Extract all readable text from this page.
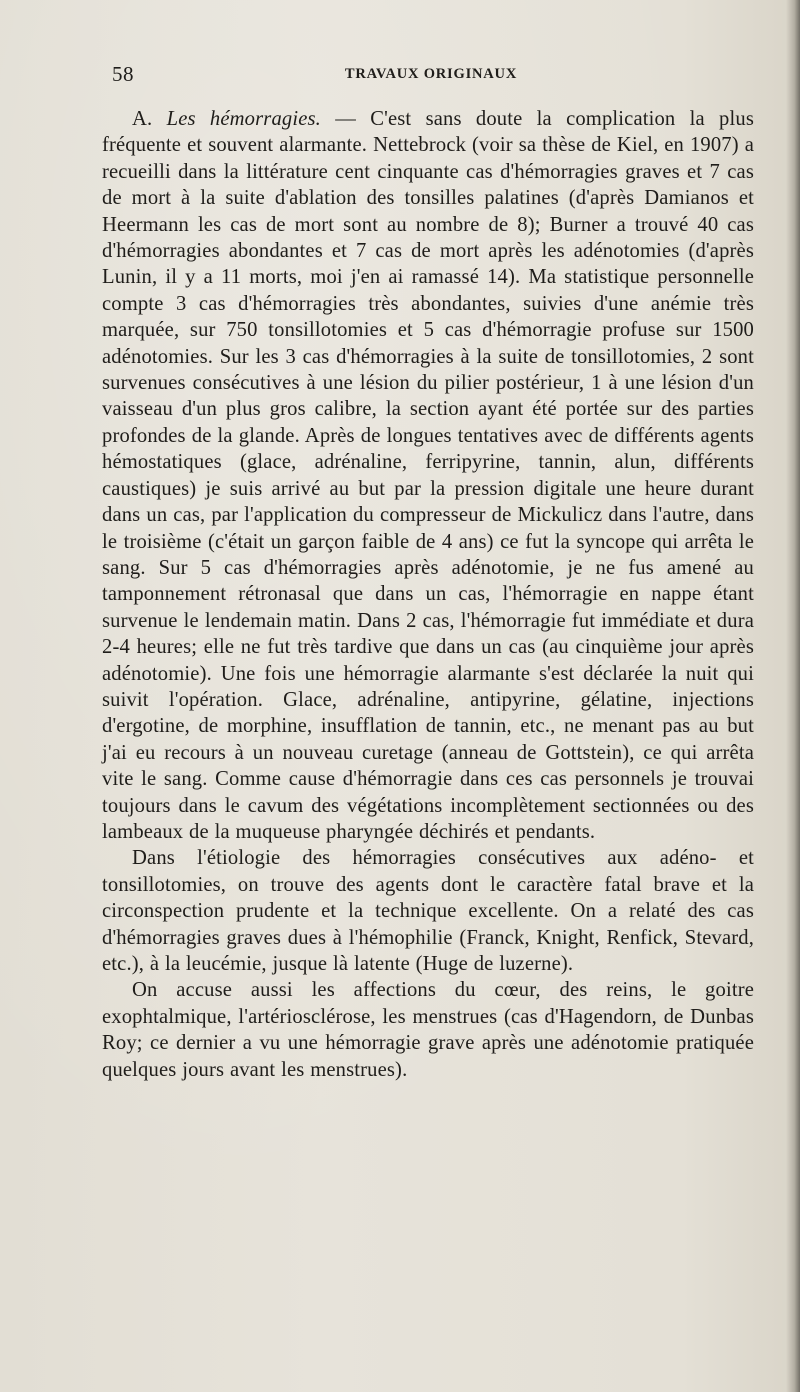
58	TRAVAUX ORIGINAUX

A. Les hémorragies. — C'est sans doute la complication la plus fréquente et souvent alarmante. Nettebrock (voir sa thèse de Kiel, en 1907) a recueilli dans la littérature cent cinquante cas d'hémorragies graves et 7 cas de mort à la suite d'ablation des tonsilles palatines (d'après Damianos et Heermann les cas de mort sont au nombre de 8); Burner a trouvé 40 cas d'hémorragies abondantes et 7 cas de mort après les adénotomies (d'après Lunin, il y a 11 morts, moi j'en ai ramassé 14). Ma statistique personnelle compte 3 cas d'hémorragies très abondantes, suivies d'une anémie très marquée, sur 750 tonsillotomies et 5 cas d'hémorragie profuse sur 1500 adénotomies. Sur les 3 cas d'hémorragies à la suite de tonsillotomies, 2 sont survenues consécutives à une lésion du pilier postérieur, 1 à une lésion d'un vaisseau d'un plus gros calibre, la section ayant été portée sur des parties profondes de la glande. Après de longues tentatives avec de différents agents hémostatiques (glace, adrénaline, ferripyrine, tannin, alun, différents caustiques) je suis arrivé au but par la pression digitale une heure durant dans un cas, par l'application du compresseur de Mickulicz dans l'autre, dans le troisième (c'était un garçon faible de 4 ans) ce fut la syncope qui arrêta le sang. Sur 5 cas d'hémorragies après adénotomie, je ne fus amené au tamponnement rétronasal que dans un cas, l'hémorragie en nappe étant survenue le lendemain matin. Dans 2 cas, l'hémorragie fut immédiate et dura 2-4 heures; elle ne fut très tardive que dans un cas (au cinquième jour après adénotomie). Une fois une hémorragie alarmante s'est déclarée la nuit qui suivit l'opération. Glace, adrénaline, antipyrine, gélatine, injections d'ergotine, de morphine, insufflation de tannin, etc., ne menant pas au but j'ai eu recours à un nouveau curetage (anneau de Gottstein), ce qui arrêta vite le sang. Comme cause d'hémorragie dans ces cas personnels je trouvai toujours dans le cavum des végétations incomplètement sectionnées ou des lambeaux de la muqueuse pharyngée déchirés et pendants.

Dans l'étiologie des hémorragies consécutives aux adéno- et tonsillotomies, on trouve des agents dont le caractère fatal brave et la circonspection prudente et la technique excellente. On a relaté des cas d'hémorragies graves dues à l'hémophilie (Franck, Knight, Renfick, Stevard, etc.), à la leucémie, jusque là latente (Huge de luzerne).

On accuse aussi les affections du cœur, des reins, le goitre exophtalmique, l'artériosclérose, les menstrues (cas d'Hagendorn, de Dunbas Roy; ce dernier a vu une hémorragie grave après une adénotomie pratiquée quelques jours avant les menstrues).
